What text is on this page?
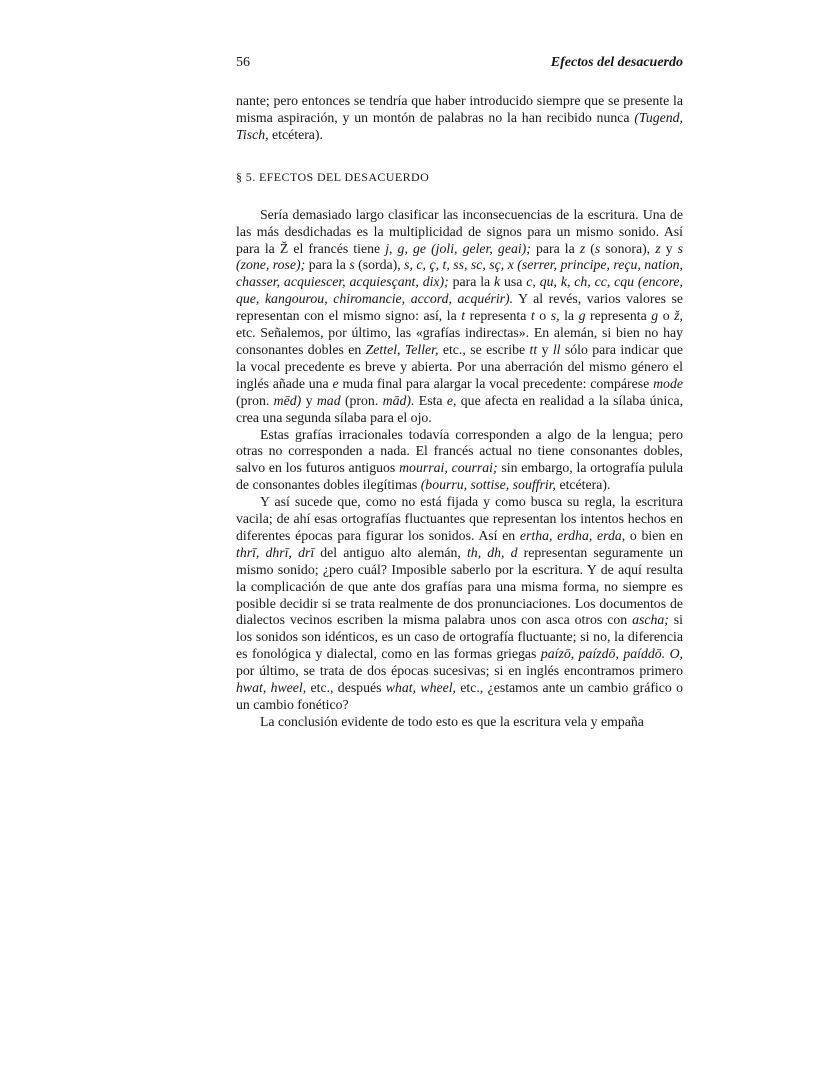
56	Efectos del desacuerdo

nante; pero entonces se tendría que haber introducido siempre que se presente la misma aspiración, y un montón de palabras no la han recibido nunca (Tugend, Tisch, etcétera).

§ 5. EFECTOS DEL DESACUERDO

Sería demasiado largo clasificar las inconsecuencias de la escritura. Una de las más desdichadas es la multiplicidad de signos para un mismo sonido. Así para la Ž el francés tiene j, g, ge (joli, geler, geai); para la z (s sonora), z y s (zone, rose); para la s (sorda), s, c, ç, t, ss, sc, sç, x (serrer, principe, reçu, nation, chasser, acquiescer, acquiesçant, dix); para la k usa c, qu, k, ch, cc, cqu (encore, que, kangourou, chiromancie, accord, acquérir). Y al revés, varios valores se representan con el mismo signo: así, la t representa t o s, la g representa g o ž, etc. Señalemos, por último, las «grafías indirectas». En alemán, si bien no hay consonantes dobles en Zettel, Teller, etc., se escribe tt y ll sólo para indicar que la vocal precedente es breve y abierta. Por una aberración del mismo género el inglés añade una e muda final para alargar la vocal precedente: compárese mode (pron. mēd) y mad (pron. mād). Esta e, que afecta en realidad a la sílaba única, crea una segunda sílaba para el ojo.

Estas grafías irracionales todavía corresponden a algo de la lengua; pero otras no corresponden a nada. El francés actual no tiene consonantes dobles, salvo en los futuros antiguos mourrai, courrai; sin embargo, la ortografía pulula de consonantes dobles ilegítimas (bourru, sottise, souffrir, etcétera).

Y así sucede que, como no está fijada y como busca su regla, la escritura vacila; de ahí esas ortografías fluctuantes que representan los intentos hechos en diferentes épocas para figurar los sonidos. Así en ertha, erdha, erda, o bien en thrī, dhrī, drī del antiguo alto alemán, th, dh, d representan seguramente un mismo sonido; ¿pero cuál? Imposible saberlo por la escritura. Y de aquí resulta la complicación de que ante dos grafías para una misma forma, no siempre es posible decidir si se trata realmente de dos pronunciaciones. Los documentos de dialectos vecinos escriben la misma palabra unos con asca otros con ascha; si los sonidos son idénticos, es un caso de ortografía fluctuante; si no, la diferencia es fonológica y dialectal, como en las formas griegas paízō, paízdō, paíddō. O, por último, se trata de dos épocas sucesivas; si en inglés encontramos primero hwat, hweel, etc., después what, wheel, etc., ¿estamos ante un cambio gráfico o un cambio fonético?

La conclusión evidente de todo esto es que la escritura vela y empaña
